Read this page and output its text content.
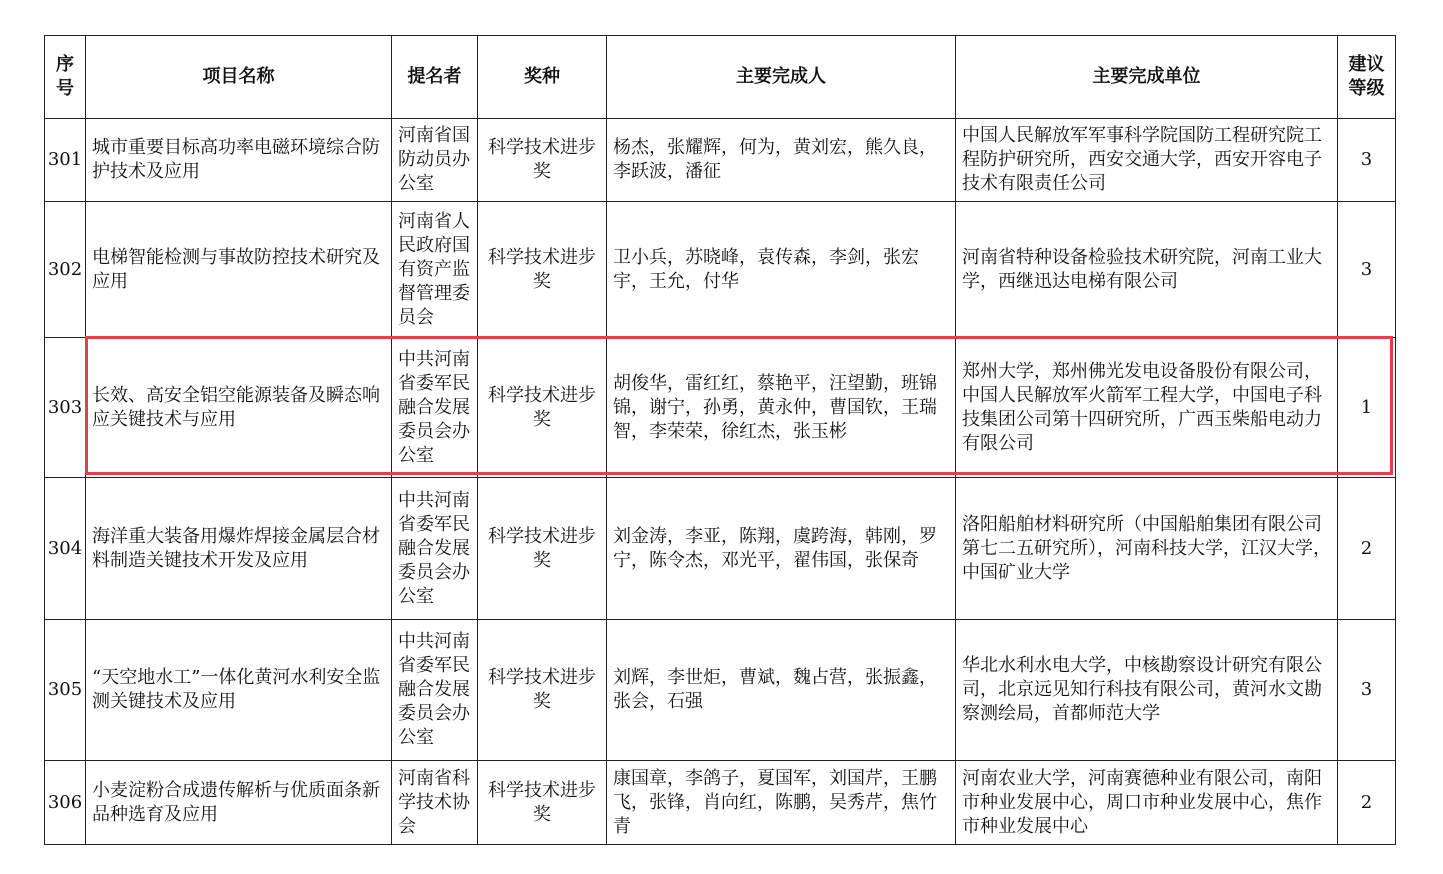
序号	项目名称	提名者	奖种	主要完成人	主要完成单位	建议等级
301	城市重要目标高功率电磁环境综合防护技术及应用	河南省国防动员办公室	科学技术进步奖	杨杰，张耀辉，何为，黄刘宏，熊久良，李跃波，潘征	中国人民解放军军事科学院国防工程研究院工程防护研究所，西安交通大学，西安开容电子技术有限责任公司	3
302	电梯智能检测与事故防控技术研究及应用	河南省人民政府国有资产监督管理委员会	科学技术进步奖	卫小兵，苏晓峰，袁传森，李剑，张宏宇，王允，付华	河南省特种设备检验技术研究院，河南工业大学，西继迅达电梯有限公司	3
303	长效、高安全铝空能源装备及瞬态响应关键技术与应用	中共河南省委军民融合发展委员会办公室	科学技术进步奖	胡俊华，雷红红，蔡艳平，汪望勤，班锦锦，谢宁，孙勇，黄永仲，曹国钦，王瑞智，李荣荣，徐红杰，张玉彬	郑州大学，郑州佛光发电设备股份有限公司，中国人民解放军火箭军工程大学，中国电子科技集团公司第十四研究所，广西玉柴船电动力有限公司	1
304	海洋重大装备用爆炸焊接金属层合材料制造关键技术开发及应用	中共河南省委军民融合发展委员会办公室	科学技术进步奖	刘金涛，李亚，陈翔，虞跨海，韩刚，罗宁，陈令杰，邓光平，翟伟国，张保奇	洛阳船舶材料研究所（中国船舶集团有限公司第七二五研究所），河南科技大学，江汉大学，中国矿业大学	2
305	“天空地水工”一体化黄河水利安全监测关键技术及应用	中共河南省委军民融合发展委员会办公室	科学技术进步奖	刘辉，李世炬，曹斌，魏占营，张振鑫，张会，石强	华北水利水电大学，中核勘察设计研究有限公司，北京远见知行科技有限公司，黄河水文勘察测绘局，首都师范大学	3
306	小麦淀粉合成遗传解析与优质面条新品种选育及应用	河南省科学技术协会	科学技术进步奖	康国章，李鸽子，夏国军，刘国芹，王鹏飞，张锋，肖向红，陈鹏，吴秀芹，焦竹青	河南农业大学，河南赛德种业有限公司，南阳市种业发展中心，周口市种业发展中心，焦作市种业发展中心	2
